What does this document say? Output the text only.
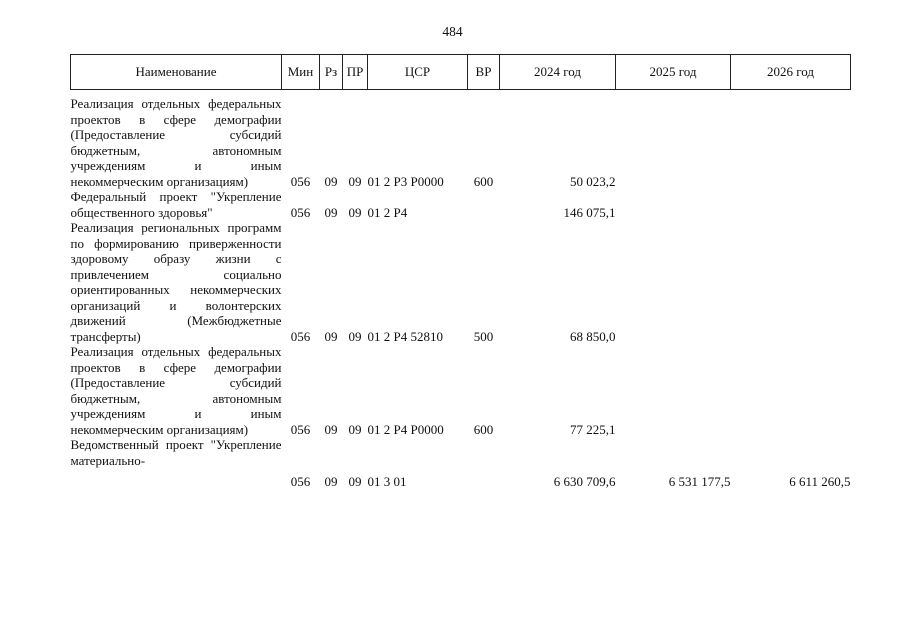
484
Наименование	Мин	Рз	ПР	ЦСР	ВР	2024 год	2025 год	2026 год
Реализация отдельных федеральных проектов в сфере демографии (Предоставление субсидий бюджетным, автономным учреждениям и иным некоммерческим организациям)	056	09	09	01 2 Р3 Р0000	600	50 023,2		
Федеральный проект "Укрепление общественного здоровья"	056	09	09	01 2 Р4		146 075,1		
Реализация региональных программ по формированию приверженности здоровому образу жизни с привлечением социально ориентированных некоммерческих организаций и волонтерских движений (Межбюджетные трансферты)	056	09	09	01 2 Р4 52810	500	68 850,0		
Реализация отдельных федеральных проектов в сфере демографии (Предоставление субсидий бюджетным, автономным учреждениям и иным некоммерческим организациям)	056	09	09	01 2 Р4 Р0000	600	77 225,1		
Ведомственный проект "Укрепление материально-	056	09	09	01 3 01		6 630 709,6	6 531 177,5	6 611 260,5
